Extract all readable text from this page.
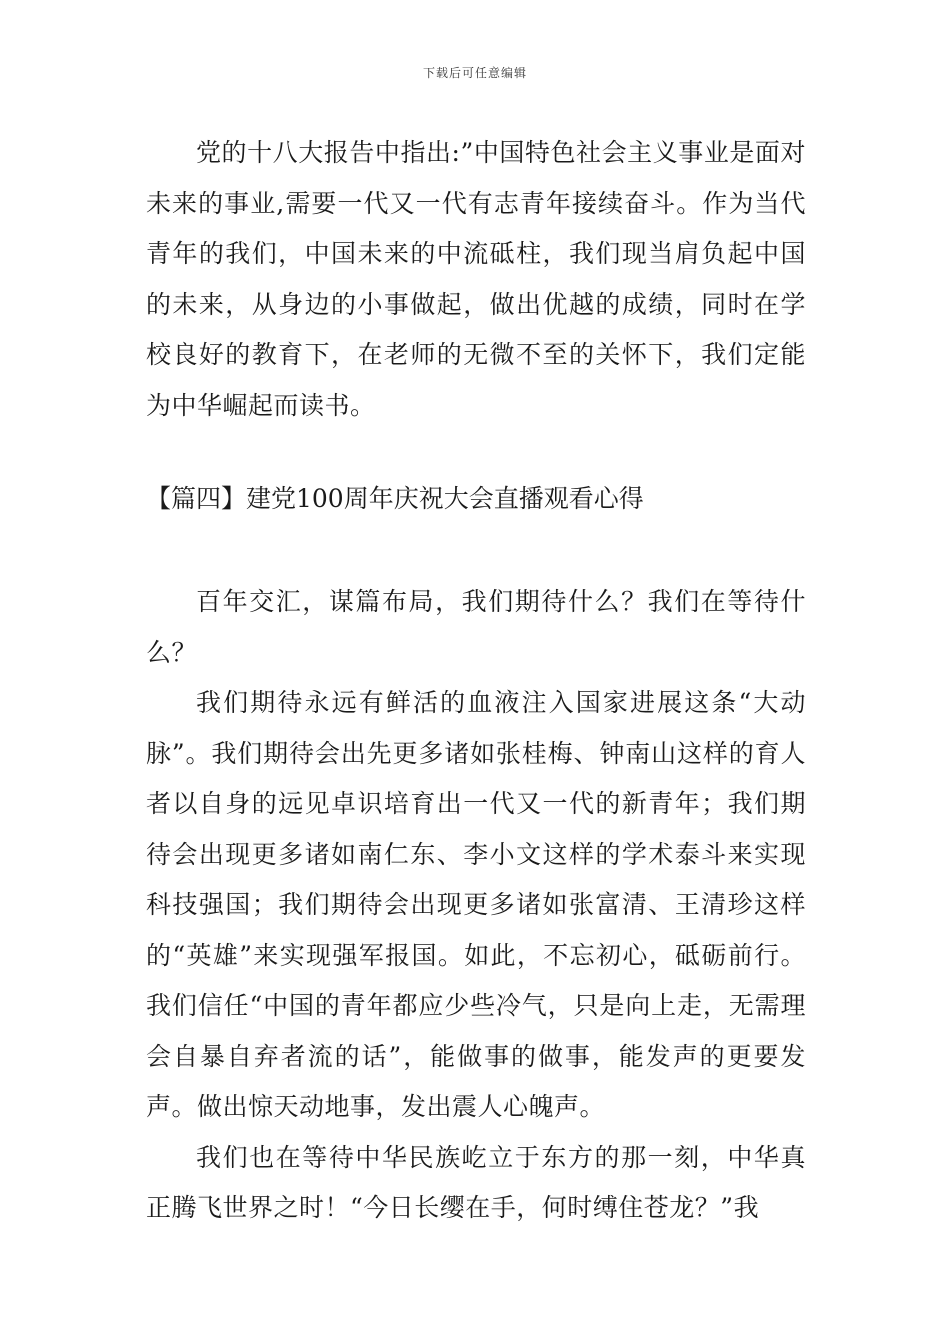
下载后可任意编辑

党的十八大报告中指出:”中国特色社会主义事业是面对未来的事业,需要一代又一代有志青年接续奋斗。作为当代青年的我们，中国未来的中流砥柱，我们现当肩负起中国的未来，从身边的小事做起，做出优越的成绩，同时在学校良好的教育下，在老师的无微不至的关怀下，我们定能为中华崛起而读书。

【篇四】建党100周年庆祝大会直播观看心得

百年交汇，谋篇布局，我们期待什么？我们在等待什么？

我们期待永远有鲜活的血液注入国家进展这条“大动脉”。我们期待会出先更多诸如张桂梅、钟南山这样的育人者以自身的远见卓识培育出一代又一代的新青年；我们期待会出现更多诸如南仁东、李小文这样的学术泰斗来实现科技强国；我们期待会出现更多诸如张富清、王清珍这样的“英雄”来实现强军报国。如此，不忘初心，砥砺前行。我们信任“中国的青年都应少些冷气，只是向上走，无需理会自暴自弃者流的话”，能做事的做事，能发声的更要发声。做出惊天动地事，发出震人心魄声。

我们也在等待中华民族屹立于东方的那一刻，中华真正腾飞世界之时！“今日长缨在手，何时缚住苍龙？”我
